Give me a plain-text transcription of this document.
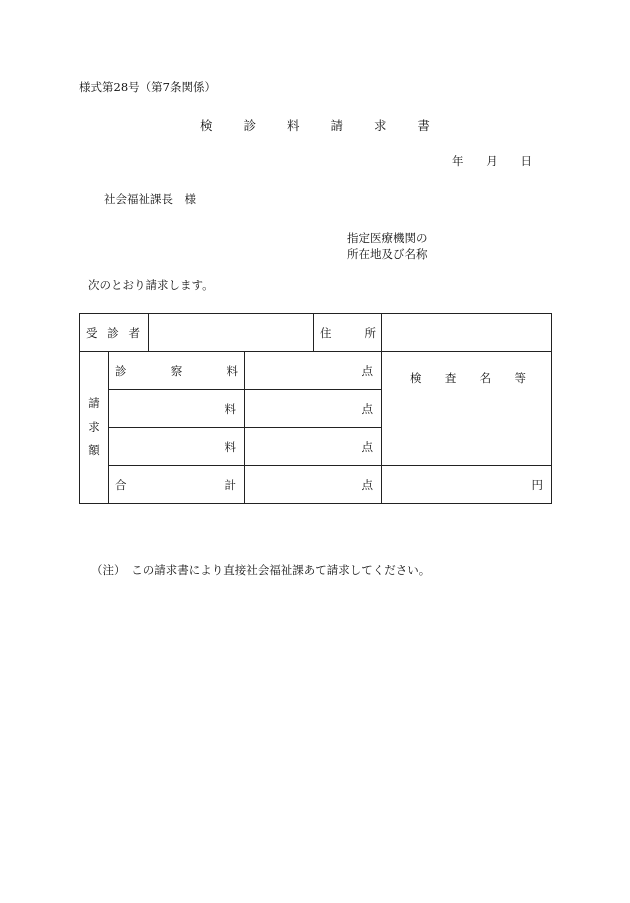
様式第28号（第7条関係）
検 診 料 請 求 書
年 月 日
社会福祉課長　様
指定医療機関の
所在地及び名称
次のとおり請求します。
受 診 者				住 所	

請
求
額	診 察 料		点		検 査 名 等

	料		点		
	料		点		

	合 計		点		円
（注）　この請求書により直接社会福祉課あて請求してください。
